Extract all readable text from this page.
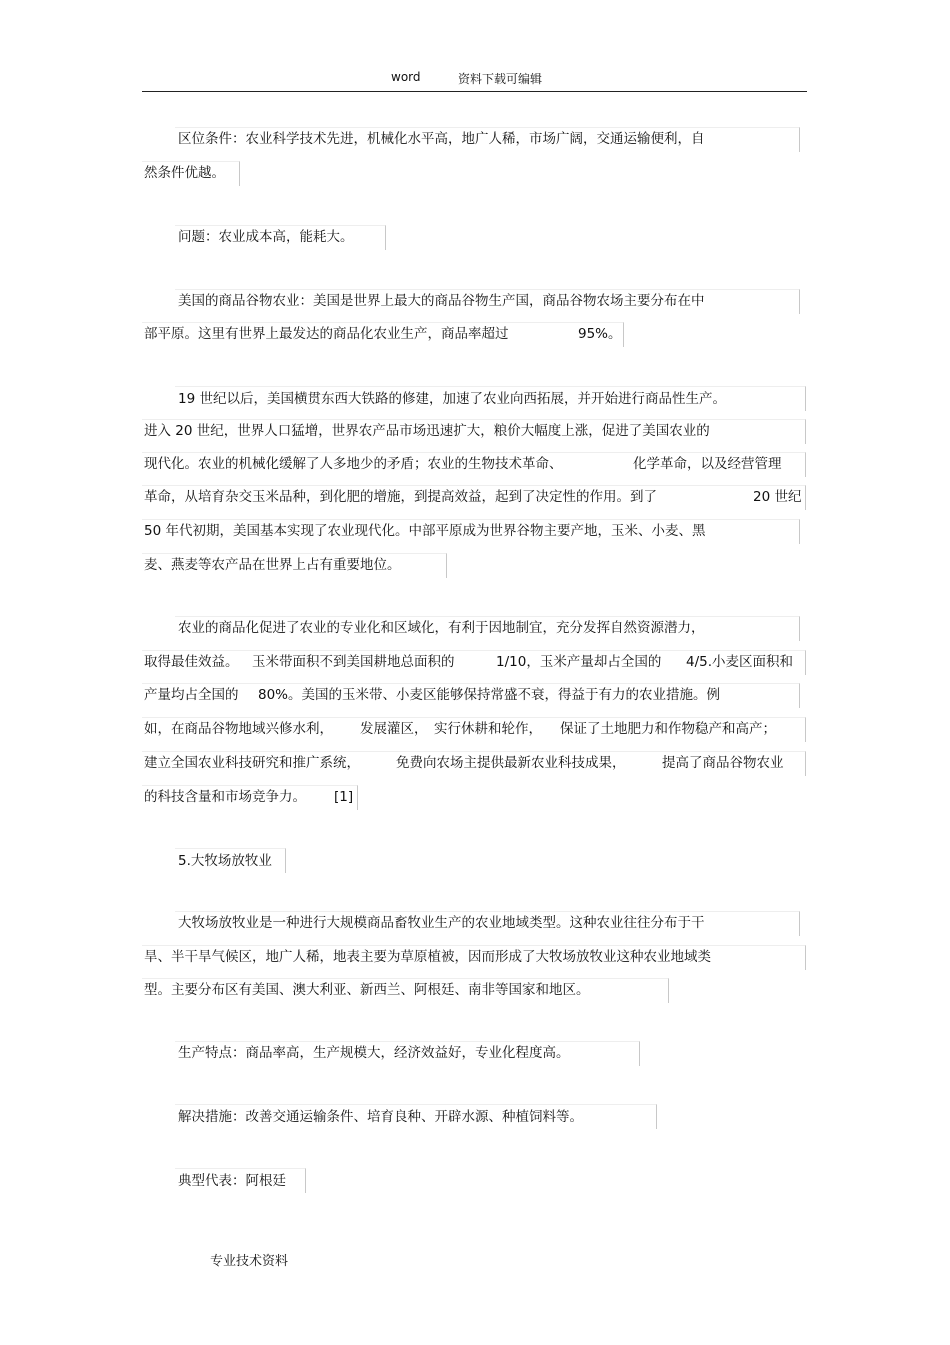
word	资料下载可编辑
区位条件：农业科学技术先进，机械化水平高，地广人稀，市场广阔，交通运输便利，自
然条件优越。
问题：农业成本高，能耗大。
美国的商品谷物农业：美国是世界上最大的商品谷物生产国，商品谷物农场主要分布在中
部平原。这里有世界上最发达的商品化农业生产，商品率超过	95%。
19 世纪以后，美国横贯东西大铁路的修建，加速了农业向西拓展，并开始进行商品性生产。
进入 20 世纪，世界人口猛增，世界农产品市场迅速扩大，粮价大幅度上涨，促进了美国农业的
现代化。农业的机械化缓解了人多地少的矛盾；农业的生物技术革命、	化学革命，以及经营管理
革命，从培育杂交玉米品种，到化肥的增施，到提高效益，起到了决定性的作用。到了	20 世纪
50 年代初期，美国基本实现了农业现代化。中部平原成为世界谷物主要产地，玉米、小麦、黑
麦、燕麦等农产品在世界上占有重要地位。
农业的商品化促进了农业的专业化和区域化，有利于因地制宜，充分发挥自然资源潜力，
取得最佳效益。 玉米带面积不到美国耕地总面积的	1/10，玉米产量却占全国的 4/5.小麦区面积和
产量均占全国的 80%。美国的玉米带、小麦区能够保持常盛不衰，得益于有力的农业措施。例
如，在商品谷物地域兴修水利， 发展灌区， 实行休耕和轮作， 保证了土地肥力和作物稳产和高产；
建立全国农业科技研究和推广系统，	免费向农场主提供最新农业科技成果，	提高了商品谷物农业
的科技含量和市场竞争力。 [1]
5.大牧场放牧业
大牧场放牧业是一种进行大规模商品畜牧业生产的农业地域类型。这种农业往往分布于干
旱、半干旱气候区，地广人稀，地表主要为草原植被，因而形成了大牧场放牧业这种农业地域类
型。主要分布区有美国、澳大利亚、新西兰、阿根廷、南非等国家和地区。
生产特点：商品率高，生产规模大，经济效益好，专业化程度高。
解决措施：改善交通运输条件、培育良种、开辟水源、种植饲料等。
典型代表：阿根廷
专业技术资料
